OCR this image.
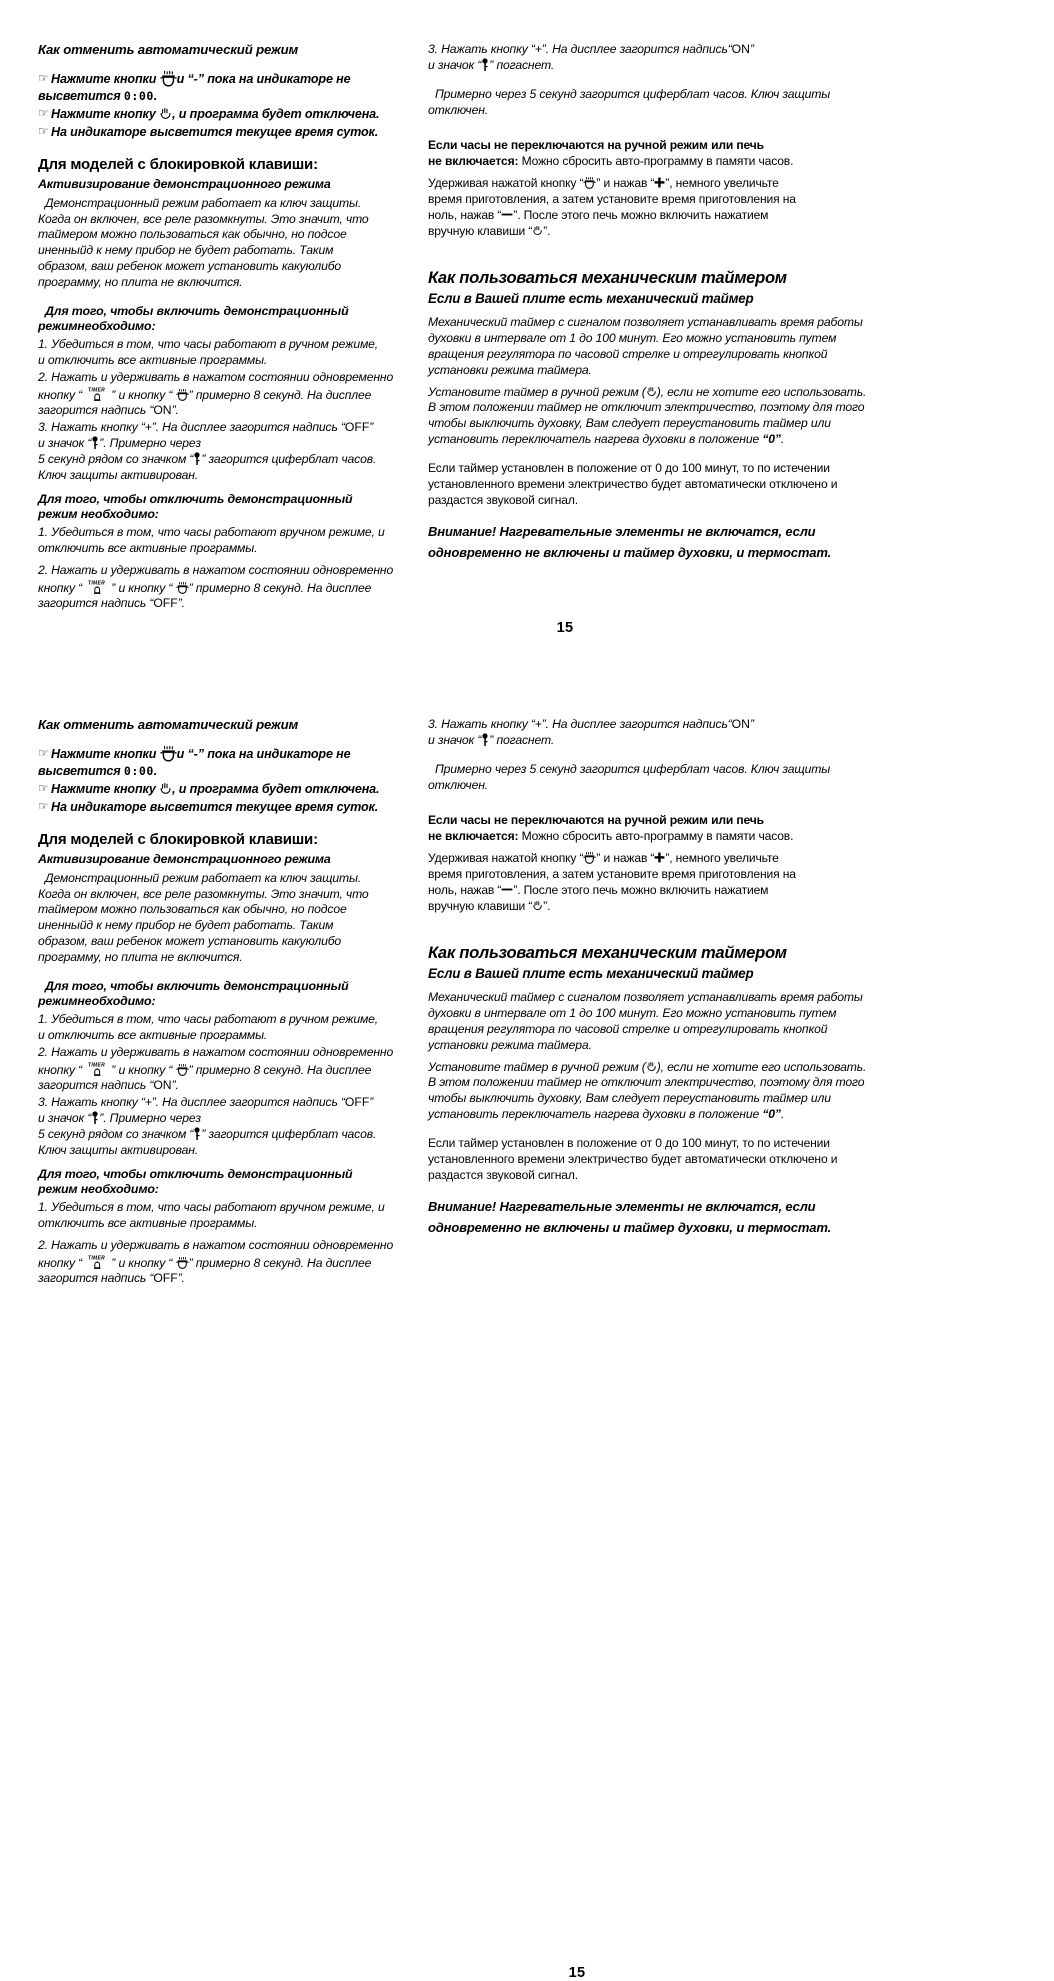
Как отменить автоматический режим
☞ Нажмите кнопки и “-” пока на индикаторе не высветится 0:00.
☞ Нажмите кнопку , и программа будет отключена.
☞ На индикаторе высветится текущее время суток.
Для моделей с блокировкой клавиши:
Активизирование демонстрационного режима

Демонстрационный режим работает ка ключ защиты.
Когда он включен, все реле разомкнуты. Это значит, что
таймером можно пользоваться как обычно, но подсое
иненныйд к нему прибор не будет работать. Таким
образом, ваш ребенок может установить какуюлибо
программу, но плита не включится.

Для того, чтобы включить демонстрационный
режимнеобходимо:

1. Убедиться в том, что часы работают в ручном режиме,
и отключить все активные программы.

2. Нажать и удерживать в нажатом состоянии одновременно
кнопку “ TIMER ” и кнопку “ ” примерно 8 секунд. На дисплее
загорится надпись “ON”.

3. Нажать кнопку “+”. На дисплее загорится надпись “OFF”
и значок “ ”. Примерно через
5 секунд рядом со значком “ ” загорится циферблат часов.
Ключ защиты активирован.

Для того, чтобы отключить демонстрационный
режим необходимо:

1. Убедиться в том, что часы работают вручном режиме, и
отключить все активные программы.

2. Нажать и удерживать в нажатом состоянии одновременно
кнопку “ TIMER ” и кнопку “ ” примерно 8 секунд. На дисплее
загорится надпись “OFF”.

3. Нажать кнопку “+”. На дисплее загорится надпись“ON”
и значок “ ” погаснет.

Примерно через 5 секунд загорится циферблат часов. Ключ защиты
отключен.

Если часы не переключаются на ручной режим или печь
не включается: Можно сбросить авто-программу в памяти часов.

Удерживая нажатой кнопку “ ” и нажав “ ”, немного увеличьте
время приготовления, а затем установите время приготовления на
ноль, нажав “ ”. После этого печь можно включить нажатием
вручную клавиши “ ”.

Как пользоваться механическим таймером
Если в Вашей плите есть механический таймер

Механический таймер с сигналом позволяет устанавливать время работы
духовки в интервале от 1 до 100 минут. Его можно установить путем
вращения регулятора по часовой стрелке и отрегулировать кнопкой
установки режима таймера.

Установите таймер в ручной режим ( ), если не хотите его использовать.
В этом положении таймер не отключит электричество, поэтому для того
чтобы выключить духовку, Вам следует переустановить таймер или
установить переключатель нагрева духовки в положение “0”.

Если таймер установлен в положение от 0 до 100 минут, то по истечении
установленного времени электричество будет автоматически отключено и
раздастся звуковой сигнал.

Внимание! Нагревательные элементы не включатся, если
одновременно не включены и таймер духовки, и термостат.

15
Как отменить автоматический режим
☞ Нажмите кнопки и “-” пока на индикаторе не высветится 0:00.
☞ Нажмите кнопку , и программа будет отключена.
☞ На индикаторе высветится текущее время суток.
Для моделей с блокировкой клавиши:
Активизирование демонстрационного режима

Демонстрационный режим работает ка ключ защиты.
Когда он включен, все реле разомкнуты. Это значит, что
таймером можно пользоваться как обычно, но подсое
иненныйд к нему прибор не будет работать. Таким
образом, ваш ребенок может установить какуюлибо
программу, но плита не включится.

Для того, чтобы включить демонстрационный
режимнеобходимо:

1. Убедиться в том, что часы работают в ручном режиме,
и отключить все активные программы.

2. Нажать и удерживать в нажатом состоянии одновременно
кнопку “ TIMER ” и кнопку “ ” примерно 8 секунд. На дисплее
загорится надпись “ON”.

3. Нажать кнопку “+”. На дисплее загорится надпись “OFF”
и значок “ ”. Примерно через
5 секунд рядом со значком “ ” загорится циферблат часов.
Ключ защиты активирован.

Для того, чтобы отключить демонстрационный
режим необходимо:

1. Убедиться в том, что часы работают вручном режиме, и
отключить все активные программы.

2. Нажать и удерживать в нажатом состоянии одновременно
кнопку “ TIMER ” и кнопку “ ” примерно 8 секунд. На дисплее
загорится надпись “OFF”.

3. Нажать кнопку “+”. На дисплее загорится надпись“ON”
и значок “ ” погаснет.

Примерно через 5 секунд загорится циферблат часов. Ключ защиты
отключен.

Если часы не переключаются на ручной режим или печь
не включается: Можно сбросить авто-программу в памяти часов.

Удерживая нажатой кнопку “ ” и нажав “ ”, немного увеличьте
время приготовления, а затем установите время приготовления на
ноль, нажав “ ”. После этого печь можно включить нажатием
вручную клавиши “ ”.

Как пользоваться механическим таймером
Если в Вашей плите есть механический таймер

Механический таймер с сигналом позволяет устанавливать время работы
духовки в интервале от 1 до 100 минут. Его можно установить путем
вращения регулятора по часовой стрелке и отрегулировать кнопкой
установки режима таймера.

Установите таймер в ручной режим ( ), если не хотите его использовать.
В этом положении таймер не отключит электричество, поэтому для того
чтобы выключить духовку, Вам следует переустановить таймер или
установить переключатель нагрева духовки в положение “0”.

Если таймер установлен в положение от 0 до 100 минут, то по истечении
установленного времени электричество будет автоматически отключено и
раздастся звуковой сигнал.

Внимание! Нагревательные элементы не включатся, если
одновременно не включены и таймер духовки, и термостат.

15
